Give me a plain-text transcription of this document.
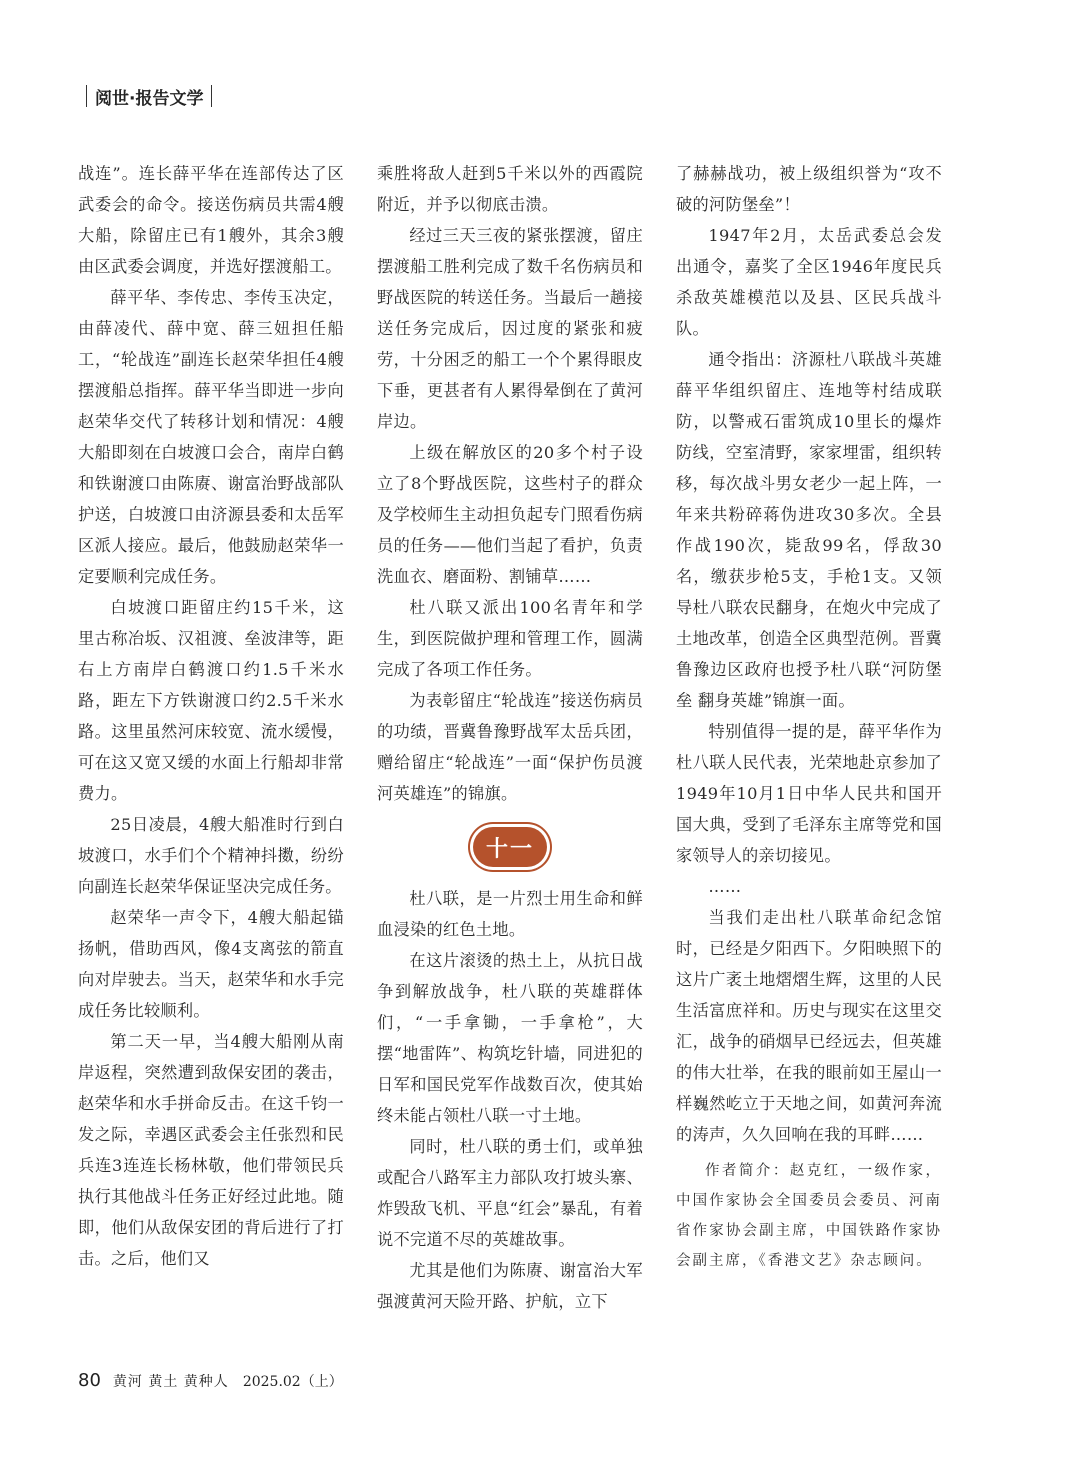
阅世·报告文学

战连”。连长薛平华在连部传达了区武委会的命令。接送伤病员共需4艘大船，除留庄已有1艘外，其余3艘由区武委会调度，并选好摆渡船工。

薛平华、李传忠、李传玉决定，由薛凌代、薛中宽、薛三妞担任船工，“轮战连”副连长赵荣华担任4艘摆渡船总指挥。薛平华当即进一步向赵荣华交代了转移计划和情况：4艘大船即刻在白坡渡口会合，南岸白鹤和铁谢渡口由陈赓、谢富治野战部队护送，白坡渡口由济源县委和太岳军区派人接应。最后，他鼓励赵荣华一定要顺利完成任务。

白坡渡口距留庄约15千米，这里古称冶坂、汉祖渡、垒波津等，距右上方南岸白鹤渡口约1.5千米水路，距左下方铁谢渡口约2.5千米水路。这里虽然河床较宽、流水缓慢，可在这又宽又缓的水面上行船却非常费力。

25日凌晨，4艘大船准时行到白坡渡口，水手们个个精神抖擞，纷纷向副连长赵荣华保证坚决完成任务。

赵荣华一声令下，4艘大船起锚扬帆，借助西风，像4支离弦的箭直向对岸驶去。当天，赵荣华和水手完成任务比较顺利。

第二天一早，当4艘大船刚从南岸返程，突然遭到敌保安团的袭击，赵荣华和水手拼命反击。在这千钧一发之际，幸遇区武委会主任张烈和民兵连3连连长杨林敬，他们带领民兵执行其他战斗任务正好经过此地。随即，他们从敌保安团的背后进行了打击。之后，他们又

乘胜将敌人赶到5千米以外的西霞院附近，并予以彻底击溃。

经过三天三夜的紧张摆渡，留庄摆渡船工胜利完成了数千名伤病员和野战医院的转送任务。当最后一趟接送任务完成后，因过度的紧张和疲劳，十分困乏的船工一个个累得眼皮下垂，更甚者有人累得晕倒在了黄河岸边。

上级在解放区的20多个村子设立了8个野战医院，这些村子的群众及学校师生主动担负起专门照看伤病员的任务——他们当起了看护，负责洗血衣、磨面粉、割铺草……

杜八联又派出100名青年和学生，到医院做护理和管理工作，圆满完成了各项工作任务。

为表彰留庄“轮战连”接送伤病员的功绩，晋冀鲁豫野战军太岳兵团，赠给留庄“轮战连”一面“保护伤员渡河英雄连”的锦旗。

十一

杜八联，是一片烈士用生命和鲜血浸染的红色土地。

在这片滚烫的热土上，从抗日战争到解放战争，杜八联的英雄群体们，“一手拿锄，一手拿枪”，大摆“地雷阵”、构筑圪针墙，同进犯的日军和国民党军作战数百次，使其始终未能占领杜八联一寸土地。

同时，杜八联的勇士们，或单独或配合八路军主力部队攻打坡头寨、炸毁敌飞机、平息“红会”暴乱，有着说不完道不尽的英雄故事。

尤其是他们为陈赓、谢富治大军强渡黄河天险开路、护航，立下

了赫赫战功，被上级组织誉为“攻不破的河防堡垒”！

1947年2月，太岳武委总会发出通令，嘉奖了全区1946年度民兵杀敌英雄模范以及县、区民兵战斗队。

通令指出：济源杜八联战斗英雄薛平华组织留庄、连地等村结成联防，以警戒石雷筑成10里长的爆炸防线，空室清野，家家埋雷，组织转移，每次战斗男女老少一起上阵，一年来共粉碎蒋伪进攻30多次。全县作战190次，毙敌99名，俘敌30名，缴获步枪5支，手枪1支。又领导杜八联农民翻身，在炮火中完成了土地改革，创造全区典型范例。晋冀鲁豫边区政府也授予杜八联“河防堡垒 翻身英雄”锦旗一面。

特别值得一提的是，薛平华作为杜八联人民代表，光荣地赴京参加了1949年10月1日中华人民共和国开国大典，受到了毛泽东主席等党和国家领导人的亲切接见。

……

当我们走出杜八联革命纪念馆时，已经是夕阳西下。夕阳映照下的这片广袤土地熠熠生辉，这里的人民生活富庶祥和。历史与现实在这里交汇，战争的硝烟早已经远去，但英雄的伟大壮举，在我的眼前如王屋山一样巍然屹立于天地之间，如黄河奔流的涛声，久久回响在我的耳畔……

作者简介：赵克红，一级作家，中国作家协会全国委员会委员、河南省作家协会副主席，中国铁路作家协会副主席，《香港文艺》杂志顾问。

80 黄河 黄土 黄种人 2025.02（上）
